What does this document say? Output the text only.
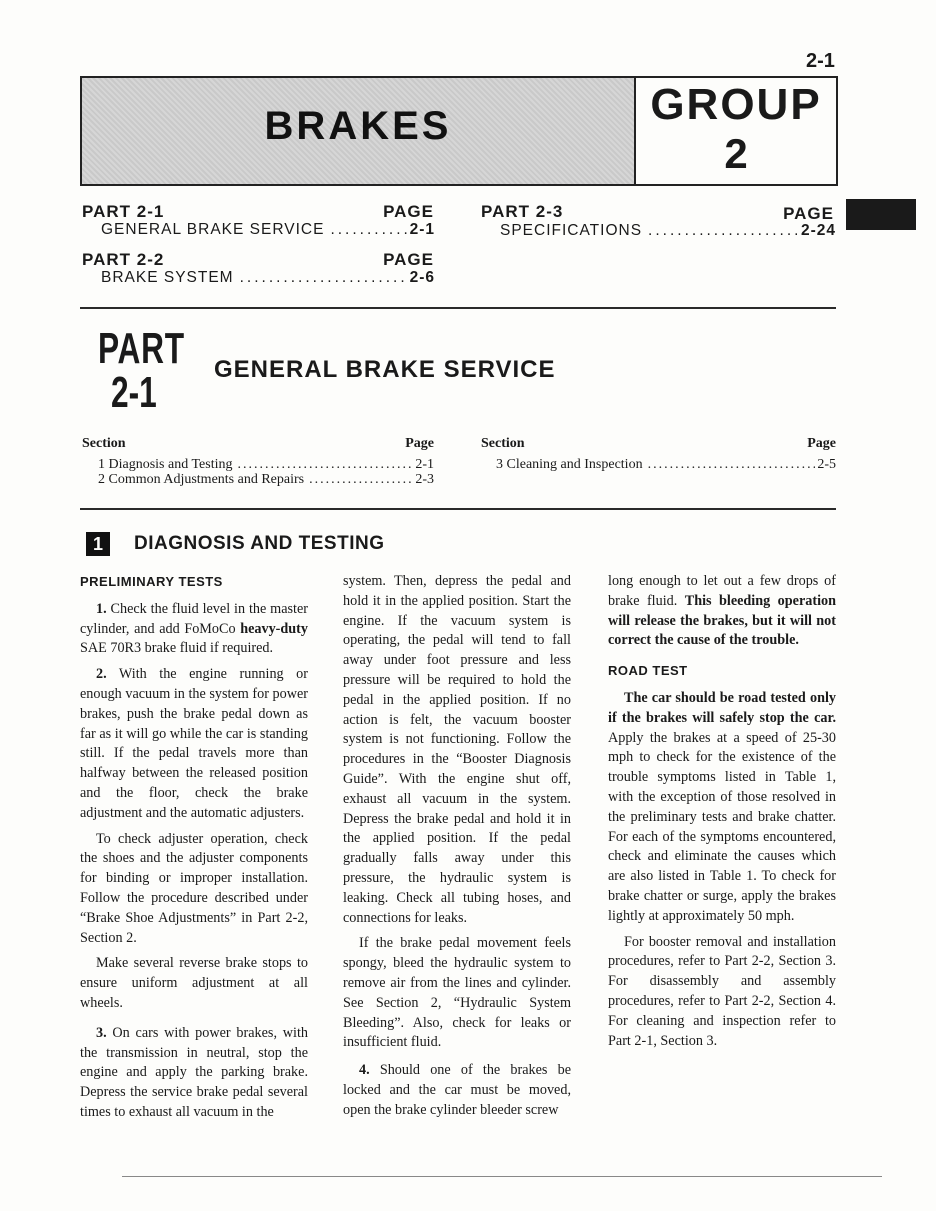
2-1
BRAKES	GROUP
2
PART 2-1	PAGE
GENERAL BRAKE SERVICE .....	2-1
PART 2-2	PAGE
BRAKE SYSTEM .....	2-6
PART 2-3	PAGE
SPECIFICATIONS .....	2-24
PART
2-1 GENERAL BRAKE SERVICE
Section	Page	Section	Page
1 Diagnosis and Testing .....	2-1
2 Common Adjustments and Repairs .....	2-3
3 Cleaning and Inspection .....	2-5
1	DIAGNOSIS AND TESTING
PRELIMINARY TESTS

1. Check the fluid level in the master cylinder, and add FoMoCo heavy-duty SAE 70R3 brake fluid if required.

2. With the engine running or enough vacuum in the system for power brakes, push the brake pedal down as far as it will go while the car is standing still. If the pedal travels more than halfway between the released position and the floor, check the brake adjustment and the automatic adjusters.

To check adjuster operation, check the shoes and the adjuster components for binding or improper installation. Follow the procedure described under “Brake Shoe Adjustments” in Part 2-2, Section 2.

Make several reverse brake stops to ensure uniform adjustment at all wheels.

3. On cars with power brakes, with the transmission in neutral, stop the engine and apply the parking brake. Depress the service brake pedal several times to exhaust all vacuum in the

system. Then, depress the pedal and hold it in the applied position. Start the engine. If the vacuum system is operating, the pedal will tend to fall away under foot pressure and less pressure will be required to hold the pedal in the applied position. If no action is felt, the vacuum booster system is not functioning. Follow the procedures in the “Booster Diagnosis Guide”. With the engine shut off, exhaust all vacuum in the system. Depress the brake pedal and hold it in the applied position. If the pedal gradually falls away under this pressure, the hydraulic system is leaking. Check all tubing hoses, and connections for leaks.

If the brake pedal movement feels spongy, bleed the hydraulic system to remove air from the lines and cylinder. See Section 2, “Hydraulic System Bleeding”. Also, check for leaks or insufficient fluid.

4. Should one of the brakes be locked and the car must be moved, open the brake cylinder bleeder screw

long enough to let out a few drops of brake fluid. This bleeding operation will release the brakes, but it will not correct the cause of the trouble.

ROAD TEST

The car should be road tested only if the brakes will safely stop the car. Apply the brakes at a speed of 25-30 mph to check for the existence of the trouble symptoms listed in Table 1, with the exception of those resolved in the preliminary tests and brake chatter. For each of the symptoms encountered, check and eliminate the causes which are also listed in Table 1. To check for brake chatter or surge, apply the brakes lightly at approximately 50 mph.

For booster removal and installation procedures, refer to Part 2-2, Section 3. For disassembly and assembly procedures, refer to Part 2-2, Section 4. For cleaning and inspection refer to Part 2-1, Section 3.
